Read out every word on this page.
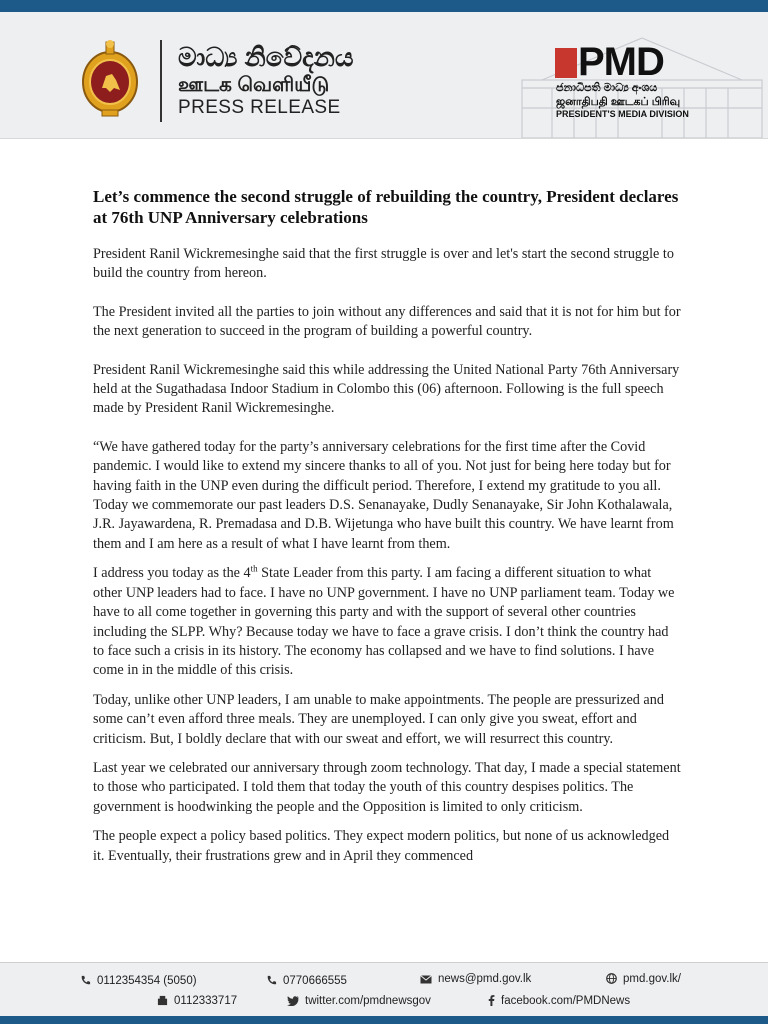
මාධ්‍ය නිවේදනය
ஊடக வெளியீடு
PRESS RELEASE
PMD
ජනාධිපති මාධ්‍ය අංශය
ஜனாதிபதி ஊடகப் பிரிவு
PRESIDENT'S MEDIA DIVISION
Let’s commence the second struggle of rebuilding the country, President declares at 76th UNP Anniversary celebrations

President Ranil Wickremesinghe said that the first struggle is over and let's start the second struggle to build the country from hereon.

The President invited all the parties to join without any differences and said that it is not for him but for the next generation to succeed in the program of building a powerful country.

President Ranil Wickremesinghe said this while addressing the United National Party 76th Anniversary held at the Sugathadasa Indoor Stadium in Colombo this (06) afternoon. Following is the full speech made by President Ranil Wickremesinghe.

“We have gathered today for the party’s anniversary celebrations for the first time after the Covid pandemic. I would like to extend my sincere thanks to all of you. Not just for being here today but for having faith in the UNP even during the difficult period. Therefore, I extend my gratitude to you all. Today we commemorate our past leaders D.S. Senanayake, Dudly Senanayake, Sir John Kothalawala, J.R. Jayawardena, R. Premadasa and D.B. Wijetunga who have built this country. We have learnt from them and I am here as a result of what I have learnt from them.

I address you today as the 4th State Leader from this party. I am facing a different situation to what other UNP leaders had to face. I have no UNP government. I have no UNP parliament team. Today we have to all come together in governing this party and with the support of several other countries including the SLPP. Why? Because today we have to face a grave crisis. I don’t think the country had to face such a crisis in its history. The economy has collapsed and we have to find solutions. I have come in in the middle of this crisis.

Today, unlike other UNP leaders, I am unable to make appointments. The people are pressurized and some can’t even afford three meals. They are unemployed. I can only give you sweat, effort and criticism. But, I boldly declare that with our sweat and effort, we will resurrect this country.

Last year we celebrated our anniversary through zoom technology. That day, I made a special statement to those who participated. I told them that today the youth of this country despises politics. The government is hoodwinking the people and the Opposition is limited to only criticism.

The people expect a policy based politics. They expect modern politics, but none of us acknowledged it. Eventually, their frustrations grew and in April they commenced

0112354354 (5050)	0770666555	news@pmd.gov.lk	pmd.gov.lk/
0112333717	twitter.com/pmdnewsgov	facebook.com/PMDNews
